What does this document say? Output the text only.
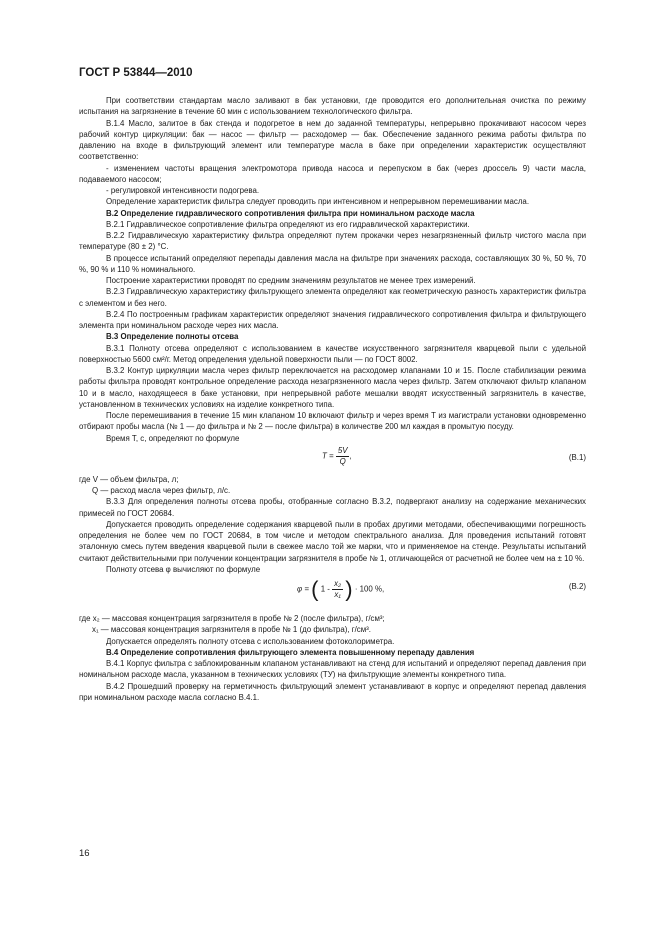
ГОСТ Р 53844—2010

При соответствии стандартам масло заливают в бак установки, где проводится его дополнительная очистка по режиму испытания на загрязнение в течение 60 мин с использованием технологического фильтра.

В.1.4 Масло, залитое в бак стенда и подогретое в нем до заданной температуры, непрерывно прокачивают насосом через рабочий контур циркуляции: бак — насос — фильтр — расходомер — бак. Обеспечение заданного режима работы фильтра по давлению на входе в фильтрующий элемент или температуре масла в баке при определении характеристик осуществляют соответственно:

- изменением частоты вращения электромотора привода насоса и перепуском в бак (через дроссель 9) части масла, подаваемого насосом;

- регулировкой интенсивности подогрева.

Определение характеристик фильтра следует проводить при интенсивном и непрерывном перемешивании масла.

В.2 Определение гидравлического сопротивления фильтра при номинальном расходе масла

В.2.1 Гидравлическое сопротивление фильтра определяют из его гидравлической характеристики.

В.2.2 Гидравлическую характеристику фильтра определяют путем прокачки через незагрязненный фильтр чистого масла при температуре (80 ± 2) °С.

В процессе испытаний определяют перепады давления масла на фильтре при значениях расхода, составляющих 30 %, 50 %, 70 %, 90 % и 110 % номинального.

Построение характеристики проводят по средним значениям результатов не менее трех измерений.

В.2.3 Гидравлическую характеристику фильтрующего элемента определяют как геометрическую разность характеристик фильтра с элементом и без него.

В.2.4 По построенным графикам характеристик определяют значения гидравлического сопротивления фильтра и фильтрующего элемента при номинальном расходе через них масла.

В.3 Определение полноты отсева

В.3.1 Полноту отсева определяют с использованием в качестве искусственного загрязнителя кварцевой пыли с удельной поверхностью 5600 см²/г. Метод определения удельной поверхности пыли — по ГОСТ 8002.

В.3.2 Контур циркуляции масла через фильтр переключается на расходомер клапанами 10 и 15. После стабилизации режима работы фильтра проводят контрольное определение расхода незагрязненного масла через фильтр. Затем отключают фильтр клапаном 10 и в масло, находящееся в баке установки, при непрерывной работе мешалки вводят искусственный загрязнитель в качестве, установленном в технических условиях на изделие конкретного типа.

После перемешивания в течение 15 мин клапаном 10 включают фильтр и через время Т из магистрали установки одновременно отбирают пробы масла (№ 1 — до фильтра и № 2 — после фильтра) в количестве 200 мл каждая в промытую посуду.

Время Т, с, определяют по формуле

$T = \frac{5V}{Q}$ ,	(В.1)

где V — объем фильтра, л;

Q — расход масла через фильтр, л/с.

В.3.3 Для определения полноты отсева пробы, отобранные согласно В.3.2, подвергают анализу на содержание механических примесей по ГОСТ 20684.

Допускается проводить определение содержания кварцевой пыли в пробах другими методами, обеспечивающими погрешность определения не более чем по ГОСТ 20684, в том числе и методом спектрального анализа. Для проведения испытаний готовят эталонную смесь путем введения кварцевой пыли в свежее масло той же марки, что и применяемое на стенде. Результаты испытаний считают действительными при получении концентрации загрязнителя в пробе № 1, отличающейся от расчетной не более чем на ± 10 %.

Полноту отсева φ вычисляют по формуле

φ = ( $1 - \frac{\text{x₂}}{\text{x₁}}$ ) · 100 %,	(В.2)

где x₂ — массовая концентрация загрязнителя в пробе № 2 (после фильтра), г/см³;

x₁ — массовая концентрация загрязнителя в пробе № 1 (до фильтра), г/см³.

Допускается определять полноту отсева с использованием фотоколориметра.

В.4 Определение сопротивления фильтрующего элемента повышенному перепаду давления

В.4.1 Корпус фильтра с заблокированным клапаном устанавливают на стенд для испытаний и определяют перепад давления при номинальном расходе масла, указанном в технических условиях (ТУ) на фильтрующие элементы конкретного типа.

В.4.2 Прошедший проверку на герметичность фильтрующий элемент устанавливают в корпус и определяют перепад давления при номинальном расходе масла согласно В.4.1.

16
